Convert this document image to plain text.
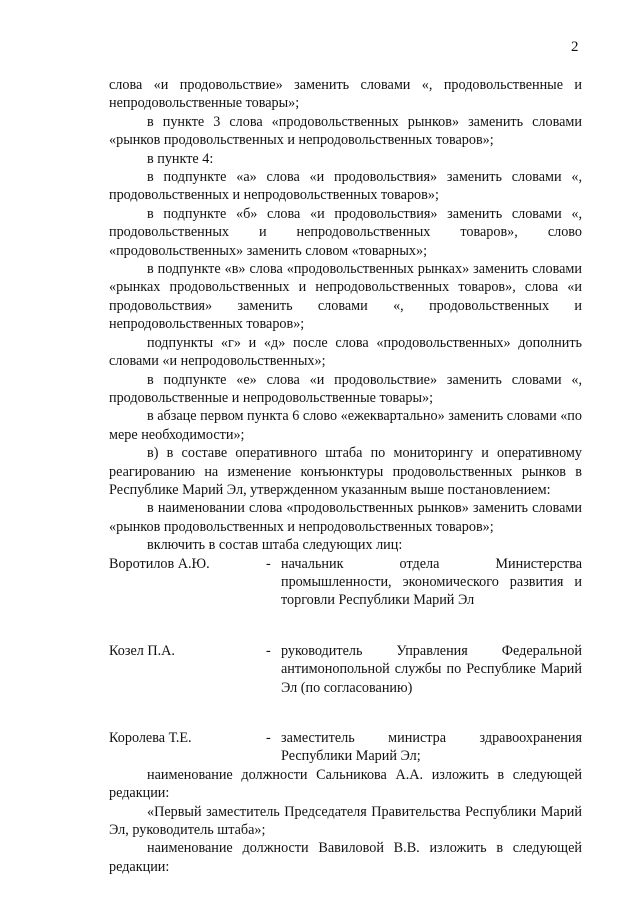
2

слова «и продовольствие» заменить словами «, продовольственные и непродовольственные товары»;

в пункте 3 слова «продовольственных рынков» заменить словами «рынков продовольственных и непродовольственных товаров»;

в пункте 4:

в подпункте «а» слова «и продовольствия» заменить словами «, продовольственных и непродовольственных товаров»;

в подпункте «б» слова «и продовольствия» заменить словами «, продовольственных и непродовольственных товаров», слово «продовольственных» заменить словом «товарных»;

в подпункте «в» слова «продовольственных рынках» заменить словами «рынках продовольственных и непродовольственных товаров», слова «и продовольствия» заменить словами «, продовольственных и непродовольственных товаров»;

подпункты «г» и «д» после слова «продовольственных» дополнить словами «и непродовольственных»;

в подпункте «е» слова «и продовольствие» заменить словами «, продовольственные и непродовольственные товары»;

в абзаце первом пункта 6 слово «ежеквартально» заменить словами «по мере необходимости»;

в) в составе оперативного штаба по мониторингу и оперативному реагированию на изменение конъюнктуры продовольственных рынков в Республике Марий Эл, утвержденном указанным выше постановлением:

в наименовании слова «продовольственных рынков» заменить словами «рынков продовольственных и непродовольственных товаров»;

включить в состав штаба следующих лиц:

Воротилов А.Ю.	- начальник отдела Министерства промышленности, экономического развития и торговли Республики Марий Эл
Козел П.А.	- руководитель Управления Федеральной антимонопольной службы по Республике Марий Эл (по согласованию)
Королева Т.Е.	- заместитель министра здравоохранения Республики Марий Эл;

наименование должности Сальникова А.А. изложить в следующей редакции:

«Первый заместитель Председателя Правительства Республики Марий Эл, руководитель штаба»;

наименование должности Вавиловой В.В. изложить в следующей редакции:
